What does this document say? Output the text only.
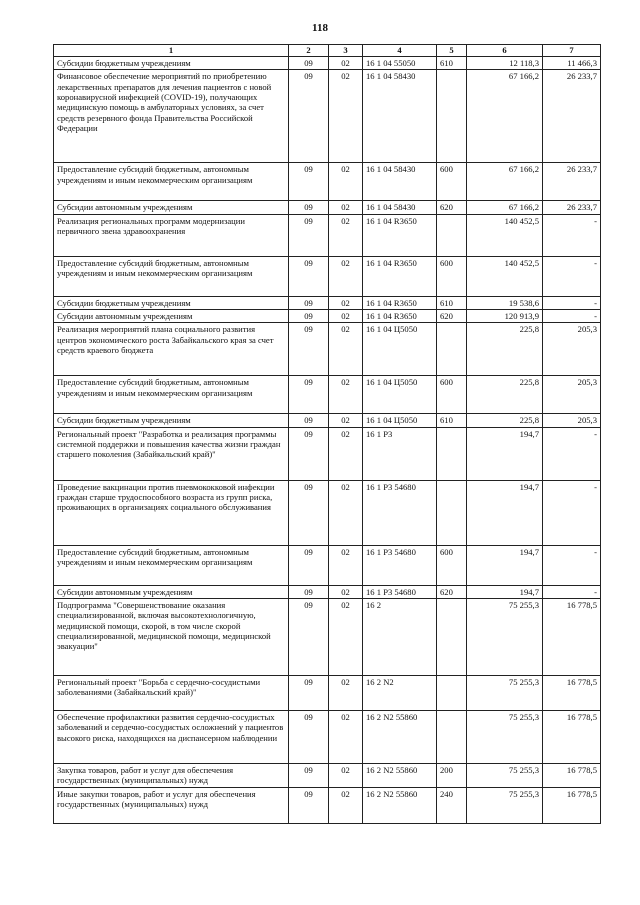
118
1	2	3	4	5	6	7
Субсидии бюджетным учреждениям	09	02	16 1 04 55050	610	12 118,3	11 466,3
Финансовое обеспечение мероприятий по приобретению лекарственных препаратов для лечения пациентов с новой коронавирусной инфекцией (COVID-19), получающих медицинскую помощь в амбулаторных условиях, за счет средств резервного фонда Правительства Российской Федерации	09	02	16 1 04 58430		67 166,2	26 233,7
Предоставление субсидий бюджетным, автономным учреждениям и иным некоммерческим организациям	09	02	16 1 04 58430	600	67 166,2	26 233,7
Субсидии автономным учреждениям	09	02	16 1 04 58430	620	67 166,2	26 233,7
Реализация региональных программ модернизации первичного звена здравоохранения	09	02	16 1 04 R3650		140 452,5	-
Предоставление субсидий бюджетным, автономным учреждениям и иным некоммерческим организациям	09	02	16 1 04 R3650	600	140 452,5	-
Субсидии бюджетным учреждениям	09	02	16 1 04 R3650	610	19 538,6	-
Субсидии автономным учреждениям	09	02	16 1 04 R3650	620	120 913,9	-
Реализация мероприятий плана социального развития центров экономического роста Забайкальского края за счет средств краевого бюджета	09	02	16 1 04 Ц5050		225,8	205,3
Предоставление субсидий бюджетным, автономным учреждениям и иным некоммерческим организациям	09	02	16 1 04 Ц5050	600	225,8	205,3
Субсидии бюджетным учреждениям	09	02	16 1 04 Ц5050	610	225,8	205,3
Региональный проект "Разработка и реализация программы системной поддержки и повышения качества жизни граждан старшего поколения (Забайкальский край)"	09	02	16 1 P3		194,7	-
Проведение вакцинации против пневмококковой инфекции граждан старше трудоспособного возраста из групп риска, проживающих в организациях социального обслуживания	09	02	16 1 P3 54680		194,7	-
Предоставление субсидий бюджетным, автономным учреждениям и иным некоммерческим организациям	09	02	16 1 P3 54680	600	194,7	-
Субсидии автономным учреждениям	09	02	16 1 P3 54680	620	194,7	-
Подпрограмма "Совершенствование оказания специализированной, включая высокотехнологичную, медицинской помощи, скорой, в том числе скорой специализированной, медицинской помощи, медицинской эвакуации"	09	02	16 2		75 255,3	16 778,5
Региональный проект "Борьба с сердечно-сосудистыми заболеваниями (Забайкальский край)"	09	02	16 2 N2		75 255,3	16 778,5
Обеспечение профилактики развития сердечно-сосудистых заболеваний и сердечно-сосудистых осложнений у пациентов высокого риска, находящихся на диспансерном наблюдении	09	02	16 2 N2 55860		75 255,3	16 778,5
Закупка товаров, работ и услуг для обеспечения государственных (муниципальных) нужд	09	02	16 2 N2 55860	200	75 255,3	16 778,5
Иные закупки товаров, работ и услуг для обеспечения государственных (муниципальных) нужд	09	02	16 2 N2 55860	240	75 255,3	16 778,5
